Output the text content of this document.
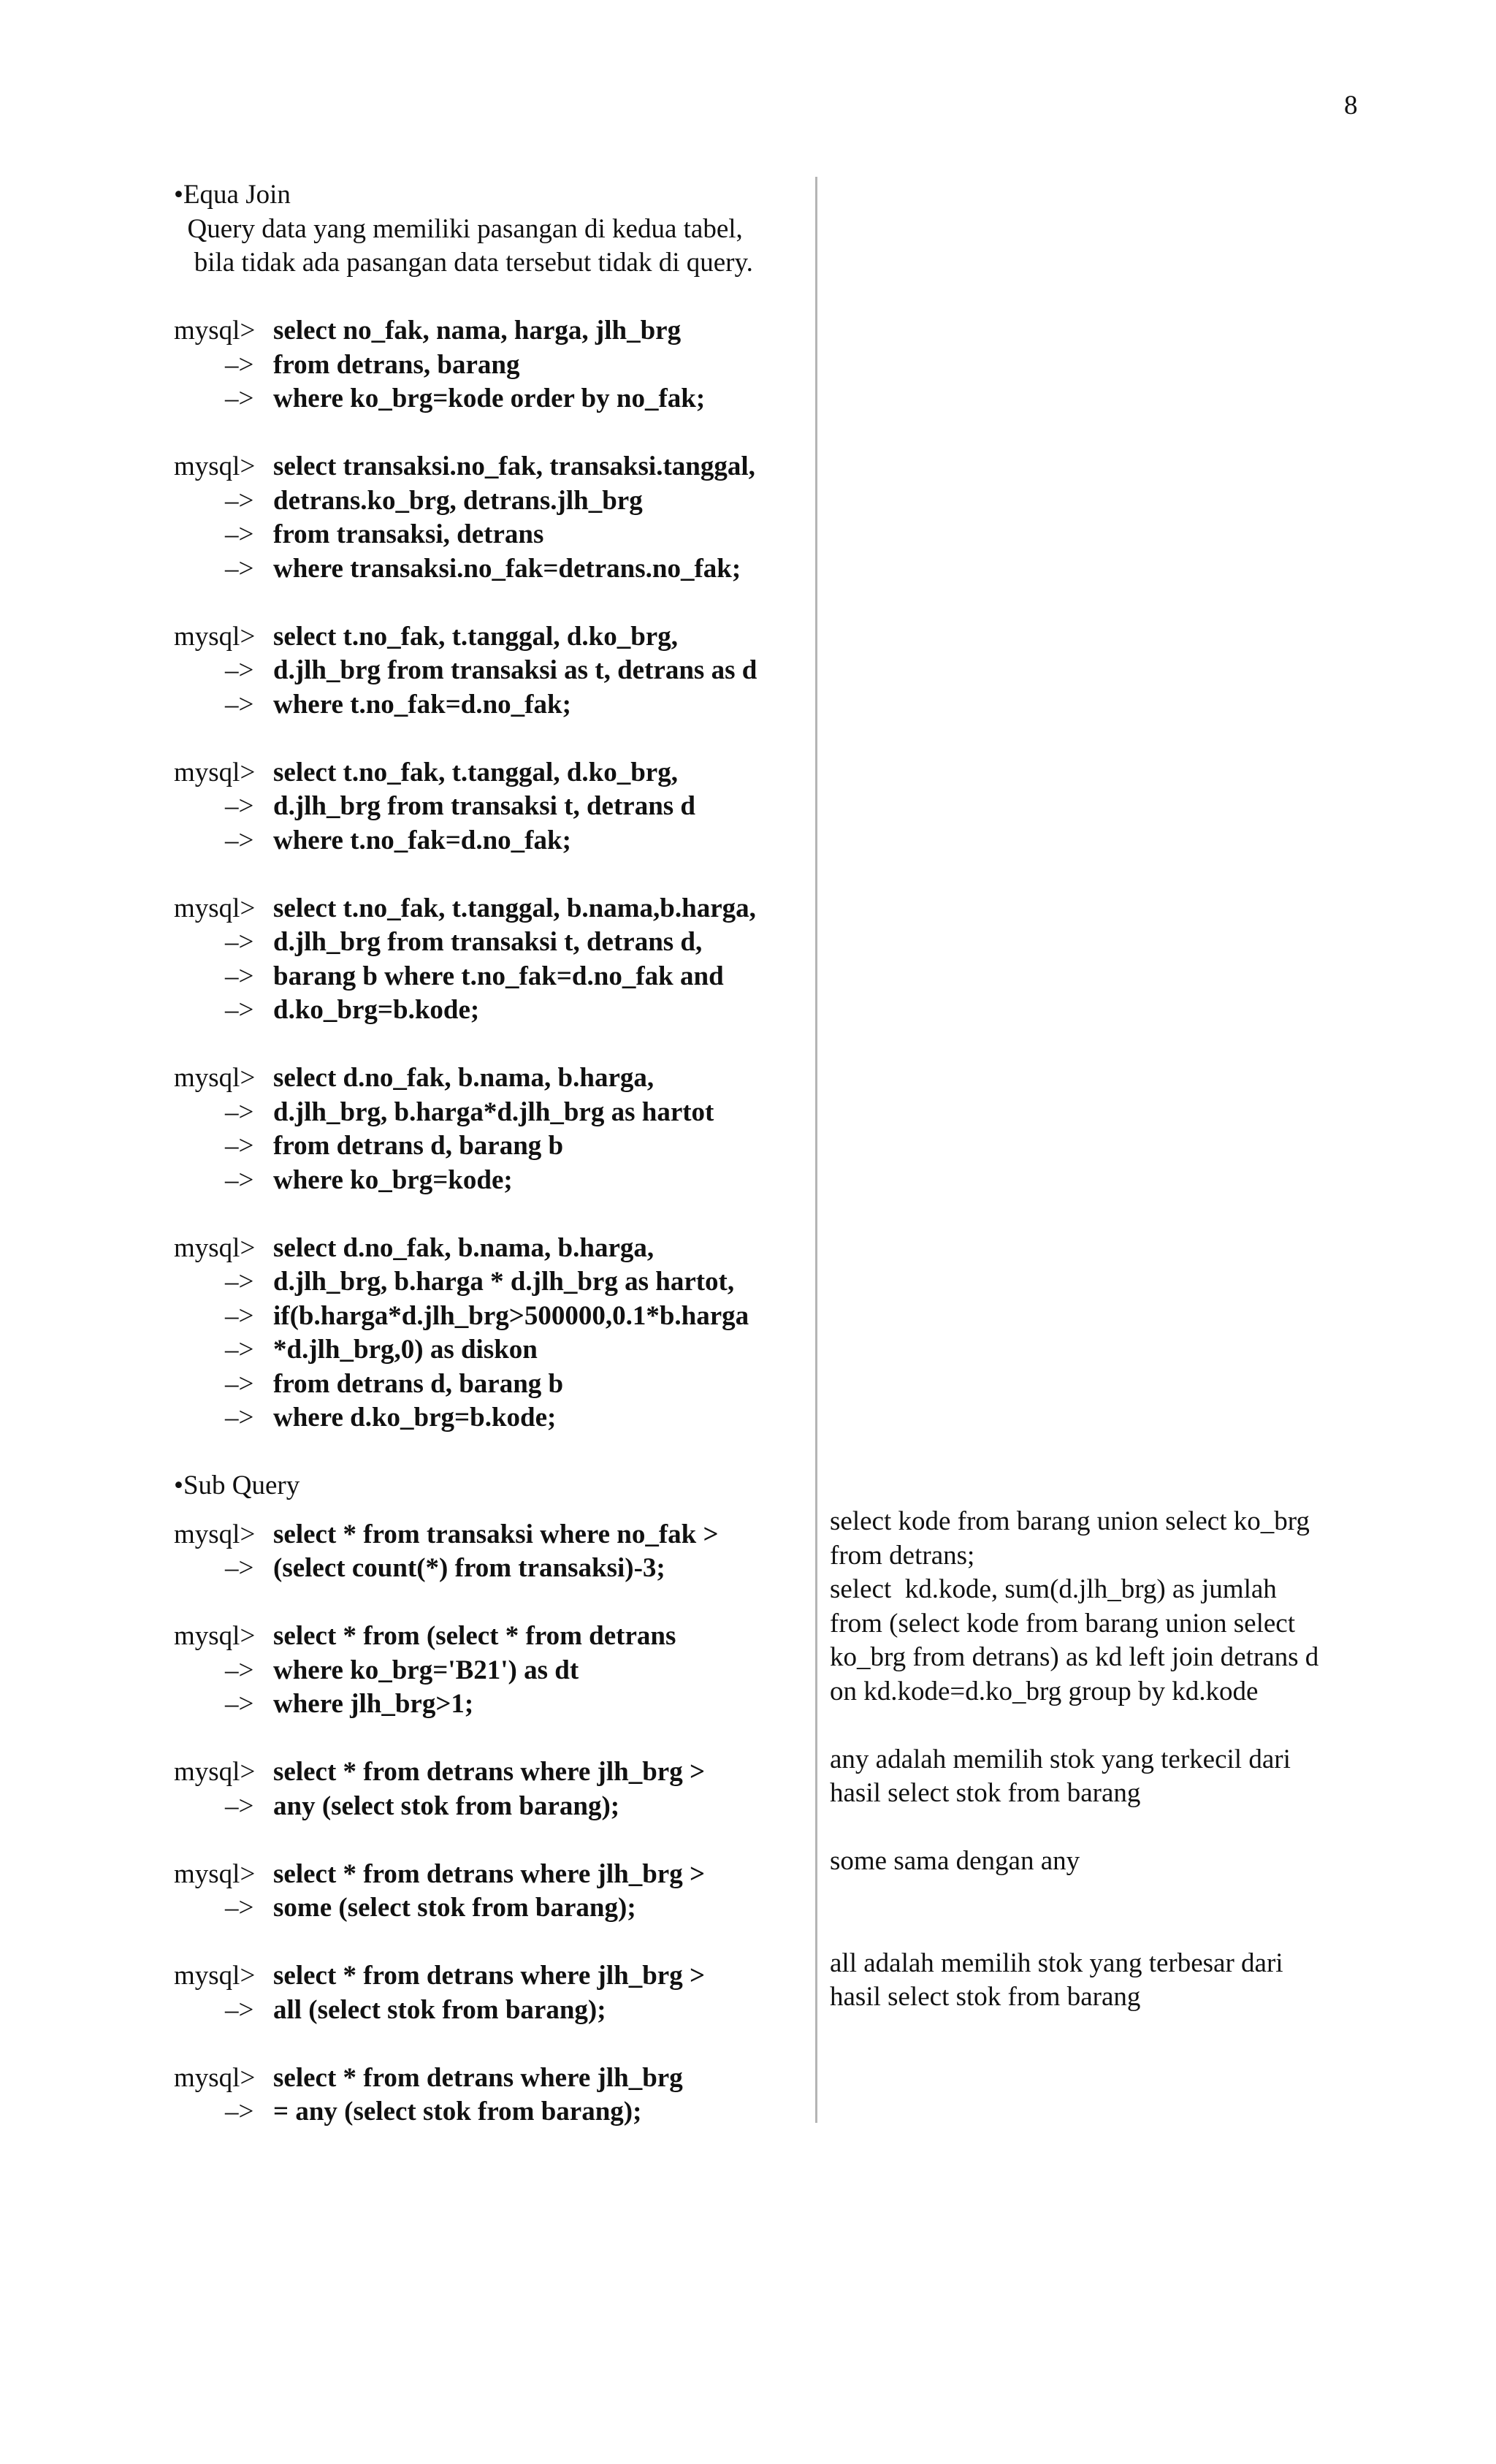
8
•Equa Join
Query data yang memiliki pasangan di kedua tabel,
bila tidak ada pasangan data tersebut tidak di query.
mysql> select no_fak, nama, harga, jlh_brg
–> from detrans, barang
–> where ko_brg=kode order by no_fak;
mysql> select transaksi.no_fak, transaksi.tanggal,
–> detrans.ko_brg, detrans.jlh_brg
–> from transaksi, detrans
–> where transaksi.no_fak=detrans.no_fak;
mysql> select t.no_fak, t.tanggal, d.ko_brg,
–> d.jlh_brg from transaksi as t, detrans as d
–> where t.no_fak=d.no_fak;
mysql> select t.no_fak, t.tanggal, d.ko_brg,
–> d.jlh_brg from transaksi t, detrans d
–> where t.no_fak=d.no_fak;
mysql> select t.no_fak, t.tanggal, b.nama,b.harga,
–> d.jlh_brg from transaksi t, detrans d,
–> barang b where t.no_fak=d.no_fak and
–> d.ko_brg=b.kode;
mysql> select d.no_fak, b.nama, b.harga,
–> d.jlh_brg, b.harga*d.jlh_brg as hartot
–> from detrans d, barang b
–> where ko_brg=kode;
mysql> select d.no_fak, b.nama, b.harga,
–> d.jlh_brg, b.harga * d.jlh_brg as hartot,
–> if(b.harga*d.jlh_brg>500000,0.1*b.harga
–> *d.jlh_brg,0) as diskon
–> from detrans d, barang b
–> where d.ko_brg=b.kode;
•Sub Query
mysql> select * from transaksi where no_fak >
–> (select count(*) from transaksi)-3;
mysql> select * from (select * from detrans
–> where ko_brg='B21') as dt
–> where jlh_brg>1;
mysql> select * from detrans where jlh_brg >
–> any (select stok from barang);
mysql> select * from detrans where jlh_brg >
–> some (select stok from barang);
mysql> select * from detrans where jlh_brg >
–> all (select stok from barang);
mysql> select * from detrans where jlh_brg
–> = any (select stok from barang);
select kode from barang union select ko_brg
from detrans;
select  kd.kode, sum(d.jlh_brg) as jumlah
from (select kode from barang union select
ko_brg from detrans) as kd left join detrans d
on kd.kode=d.ko_brg group by kd.kode
any adalah memilih stok yang terkecil dari
hasil select stok from barang
some sama dengan any

all adalah memilih stok yang terbesar dari
hasil select stok from barang
